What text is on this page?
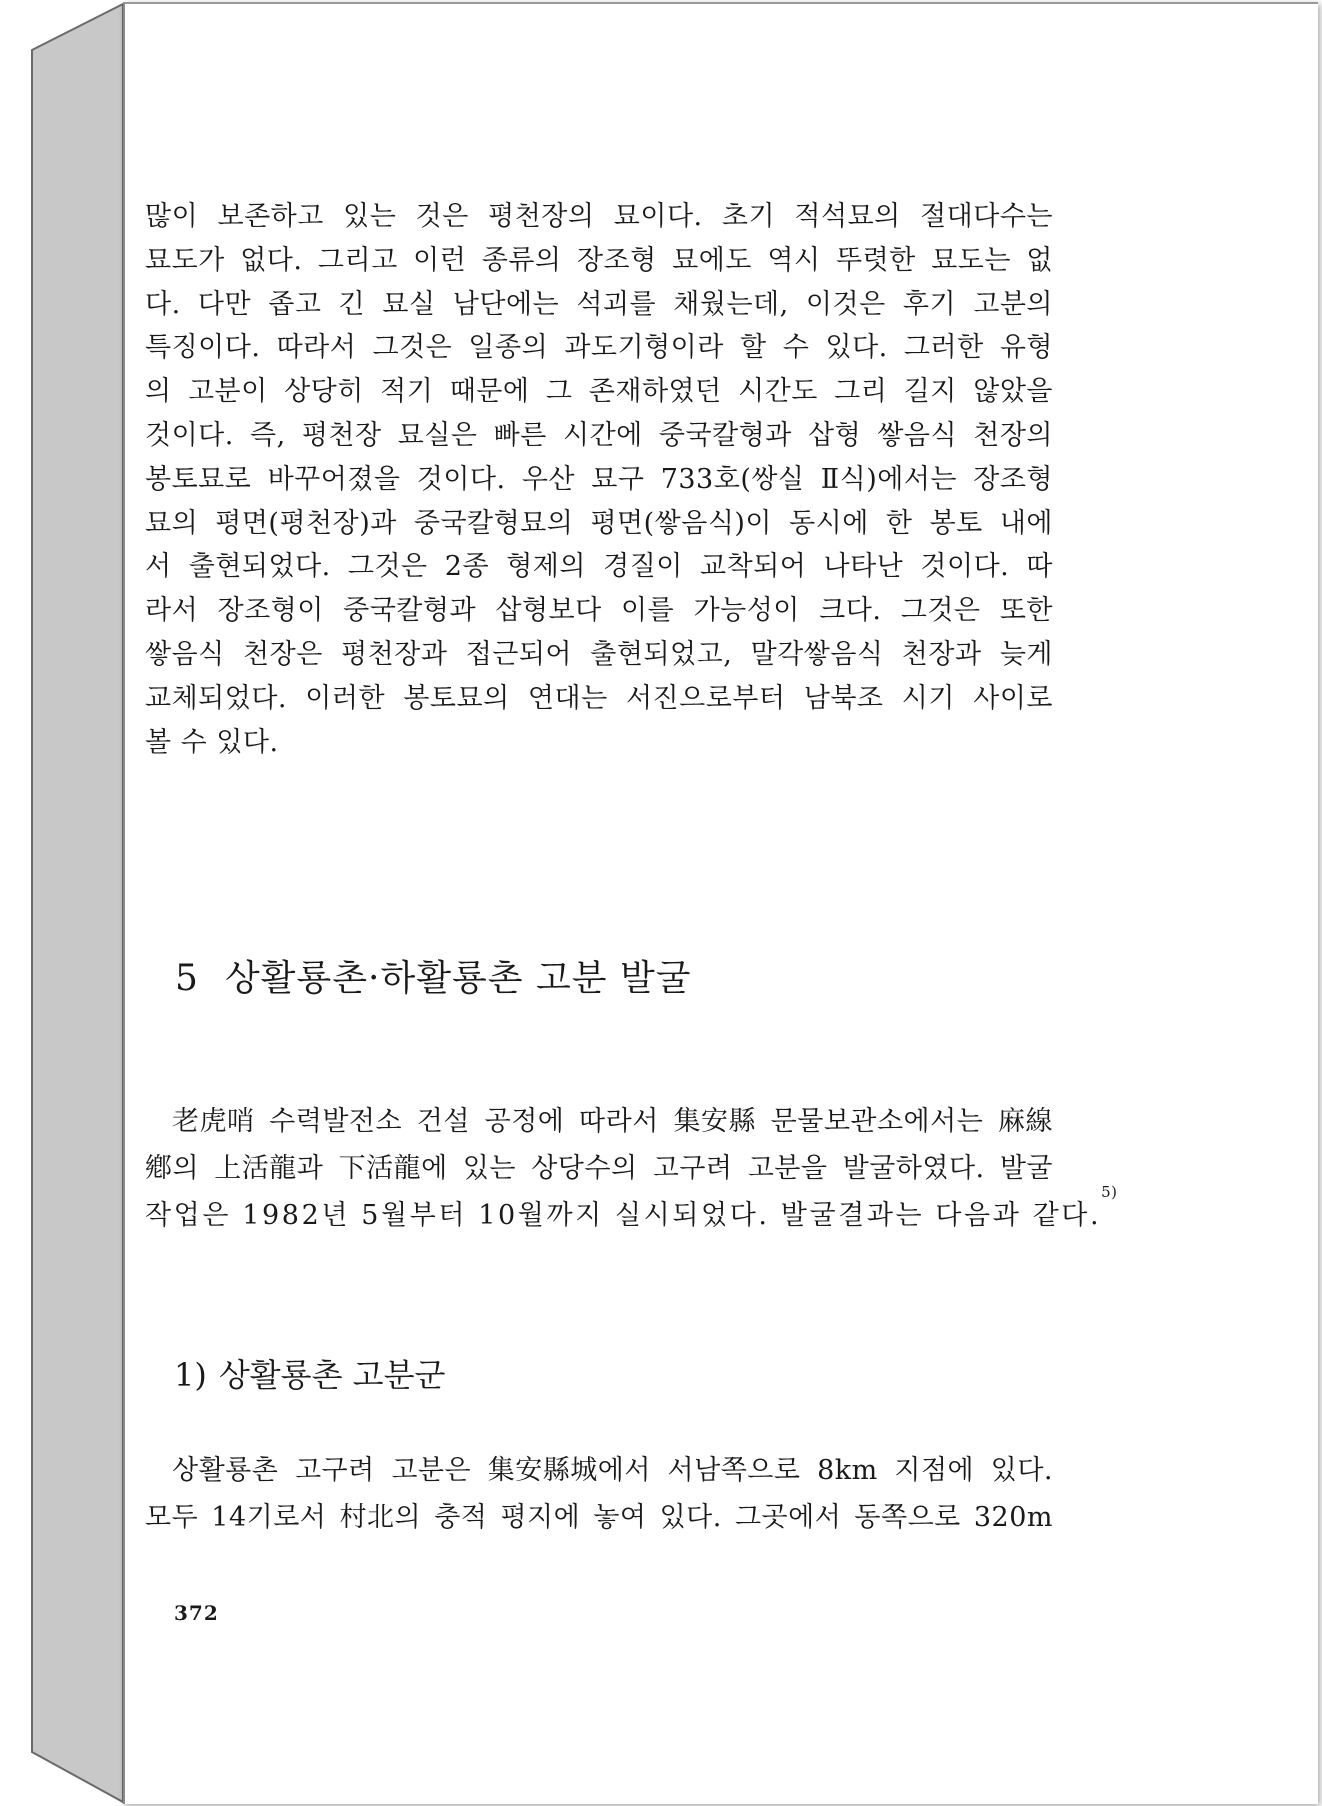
많이 보존하고 있는 것은 평천장의 묘이다. 초기 적석묘의 절대다수는
묘도가 없다. 그리고 이런 종류의 장조형 묘에도 역시 뚜렷한 묘도는 없
다. 다만 좁고 긴 묘실 남단에는 석괴를 채웠는데, 이것은 후기 고분의
특징이다. 따라서 그것은 일종의 과도기형이라 할 수 있다. 그러한 유형
의 고분이 상당히 적기 때문에 그 존재하였던 시간도 그리 길지 않았을
것이다. 즉, 평천장 묘실은 빠른 시간에 중국칼형과 삽형 쌓음식 천장의
봉토묘로 바꾸어졌을 것이다. 우산 묘구 733호(쌍실 Ⅱ식)에서는 장조형
묘의 평면(평천장)과 중국칼형묘의 평면(쌓음식)이 동시에 한 봉토 내에
서 출현되었다. 그것은 2종 형제의 경질이 교착되어 나타난 것이다. 따
라서 장조형이 중국칼형과 삽형보다 이를 가능성이 크다. 그것은 또한
쌓음식 천장은 평천장과 접근되어 출현되었고, 말각쌓음식 천장과 늦게
교체되었다. 이러한 봉토묘의 연대는 서진으로부터 남북조 시기 사이로
볼 수 있다.
5 상활룡촌·하활룡촌 고분 발굴
老虎哨 수력발전소 건설 공정에 따라서 集安縣 문물보관소에서는 麻線
鄕의 上活龍과 下活龍에 있는 상당수의 고구려 고분을 발굴하였다. 발굴
작업은 1982년 5월부터 10월까지 실시되었다. 발굴결과는 다음과 같다.
5)
1) 상활룡촌 고분군
상활룡촌 고구려 고분은 集安縣城에서 서남쪽으로 8km 지점에 있다.
모두 14기로서 村北의 충적 평지에 놓여 있다. 그곳에서 동쪽으로 320m
372
